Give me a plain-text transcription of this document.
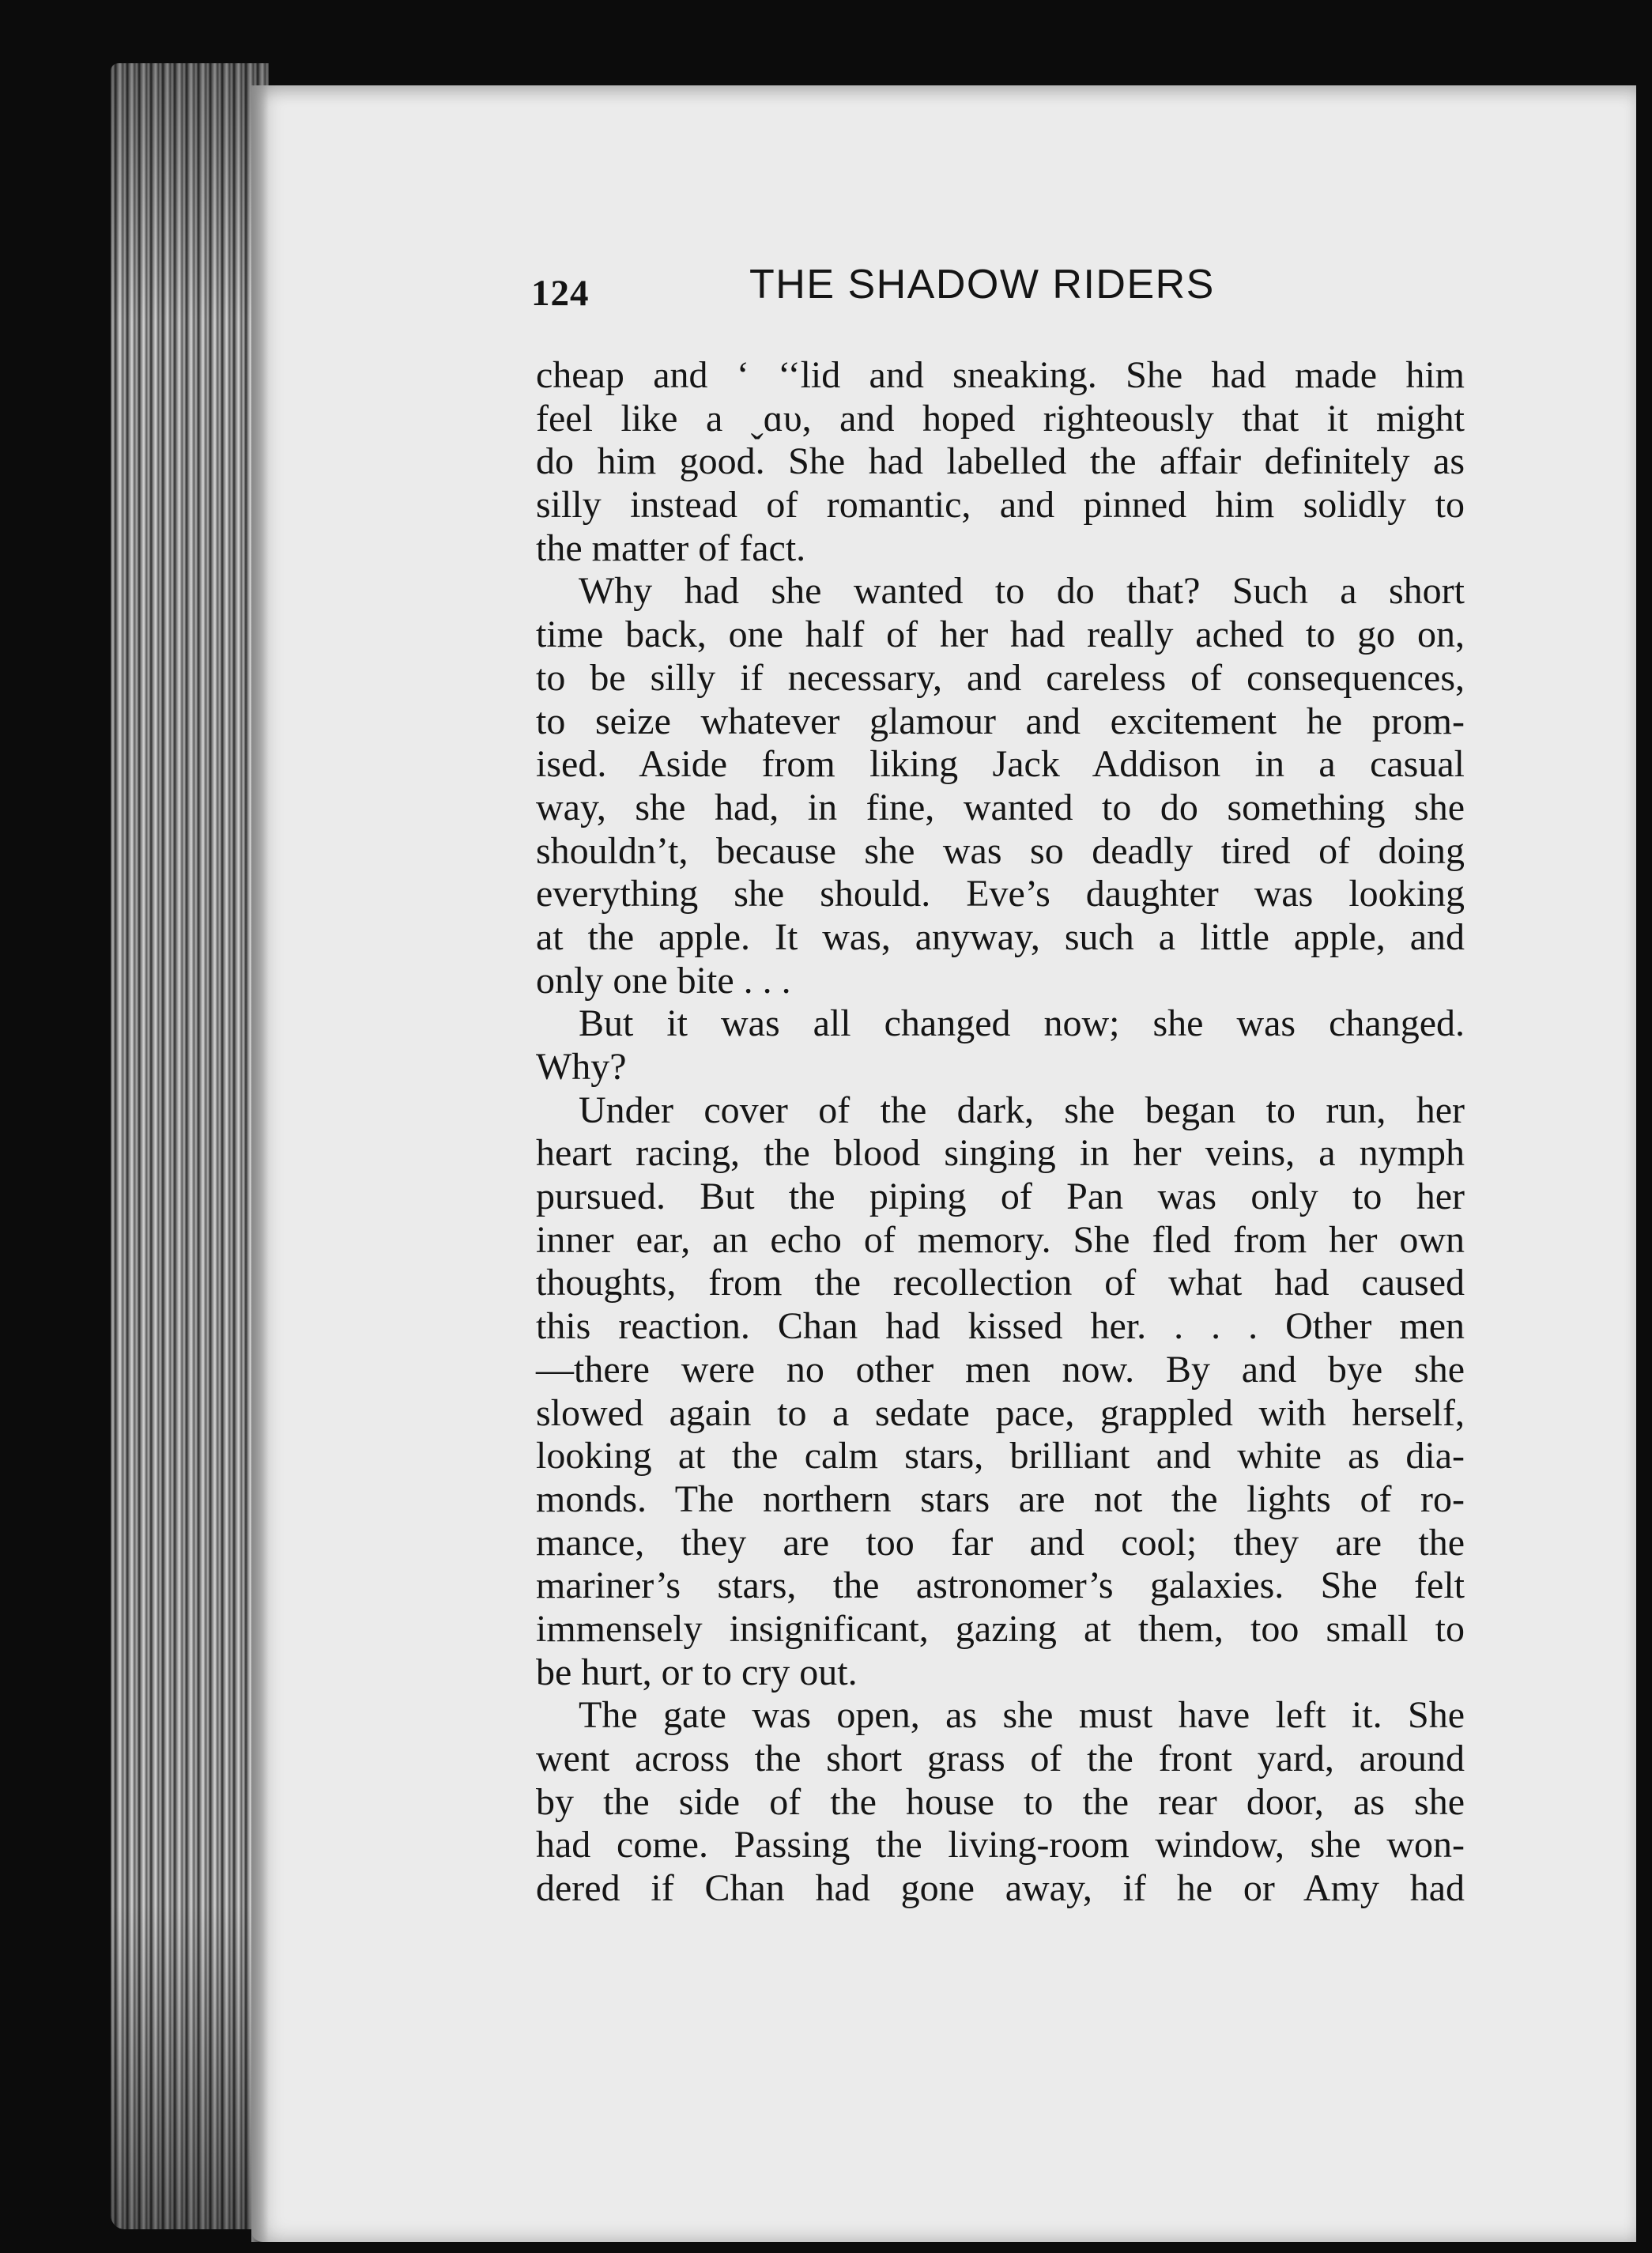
124	THE SHADOW RIDERS
cheap and ‘ ‘‘lid and sneaking. She had made him
feel like a ˬɑυ, and hoped righteously that it might
do him good. She had labelled the affair definitely as
silly instead of romantic, and pinned him solidly to
the matter of fact.
Why had she wanted to do that? Such a short
time back, one half of her had really ached to go on,
to be silly if necessary, and careless of consequences,
to seize whatever glamour and excitement he prom-
ised. Aside from liking Jack Addison in a casual
way, she had, in fine, wanted to do something she
shouldn’t, because she was so deadly tired of doing
everything she should. Eve’s daughter was looking
at the apple. It was, anyway, such a little apple, and
only one bite . . .
But it was all changed now; she was changed.
Why?
Under cover of the dark, she began to run, her
heart racing, the blood singing in her veins, a nymph
pursued. But the piping of Pan was only to her
inner ear, an echo of memory. She fled from her own
thoughts, from the recollection of what had caused
this reaction. Chan had kissed her. . . . Other men
—there were no other men now. By and bye she
slowed again to a sedate pace, grappled with herself,
looking at the calm stars, brilliant and white as dia-
monds. The northern stars are not the lights of ro-
mance, they are too far and cool; they are the
mariner’s stars, the astronomer’s galaxies. She felt
immensely insignificant, gazing at them, too small to
be hurt, or to cry out.
The gate was open, as she must have left it. She
went across the short grass of the front yard, around
by the side of the house to the rear door, as she
had come. Passing the living-room window, she won-
dered if Chan had gone away, if he or Amy had
